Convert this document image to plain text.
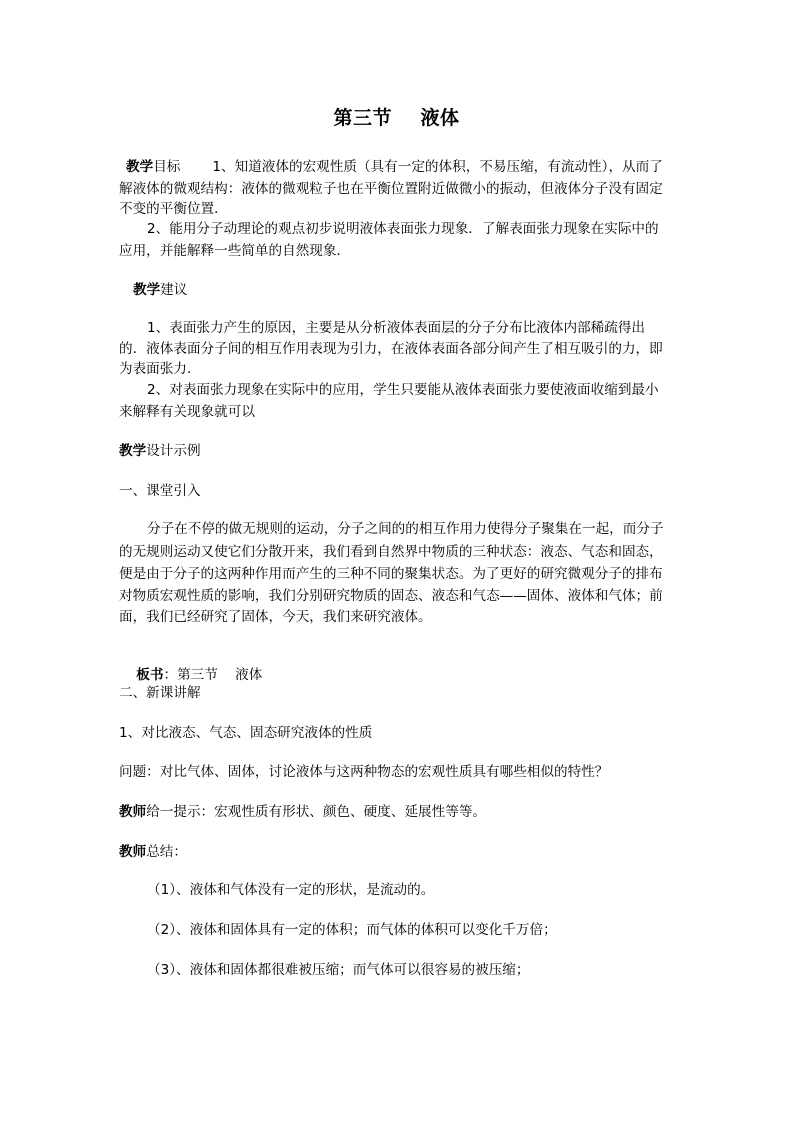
第三节    液体
教学目标 1、知道液体的宏观性质（具有一定的体积，不易压缩，有流动性），从而了
解液体的微观结构：液体的微观粒子也在平衡位置附近做微小的振动，但液体分子没有固定
不变的平衡位置．
2、能用分子动理论的观点初步说明液体表面张力现象．了解表面张力现象在实际中的
应用，并能解释一些简单的自然现象．
教学建议
1、表面张力产生的原因，主要是从分析液体表面层的分子分布比液体内部稀疏得出
的．液体表面分子间的相互作用表现为引力，在液体表面各部分间产生了相互吸引的力，即
为表面张力．
2、对表面张力现象在实际中的应用，学生只要能从液体表面张力要使液面收缩到最小
来解释有关现象就可以
教学设计示例
一、课堂引入
分子在不停的做无规则的运动，分子之间的的相互作用力使得分子聚集在一起，而分子
的无规则运动又使它们分散开来，我们看到自然界中物质的三种状态：液态、气态和固态，
便是由于分子的这两种作用而产生的三种不同的聚集状态。为了更好的研究微观分子的排布
对物质宏观性质的影响，我们分别研究物质的固态、液态和气态——固体、液体和气体；前
面，我们已经研究了固体，今天，我们来研究液体。

板书：第三节    液体

二、新课讲解
1、对比液态、气态、固态研究液体的性质
问题：对比气体、固体，讨论液体与这两种物态的宏观性质具有哪些相似的特性？
教师给一提示：宏观性质有形状、颜色、硬度、延展性等等。
教师总结：
（1）、液体和气体没有一定的形状，是流动的。
（2）、液体和固体具有一定的体积；而气体的体积可以变化千万倍；
（3）、液体和固体都很难被压缩；而气体可以很容易的被压缩；
